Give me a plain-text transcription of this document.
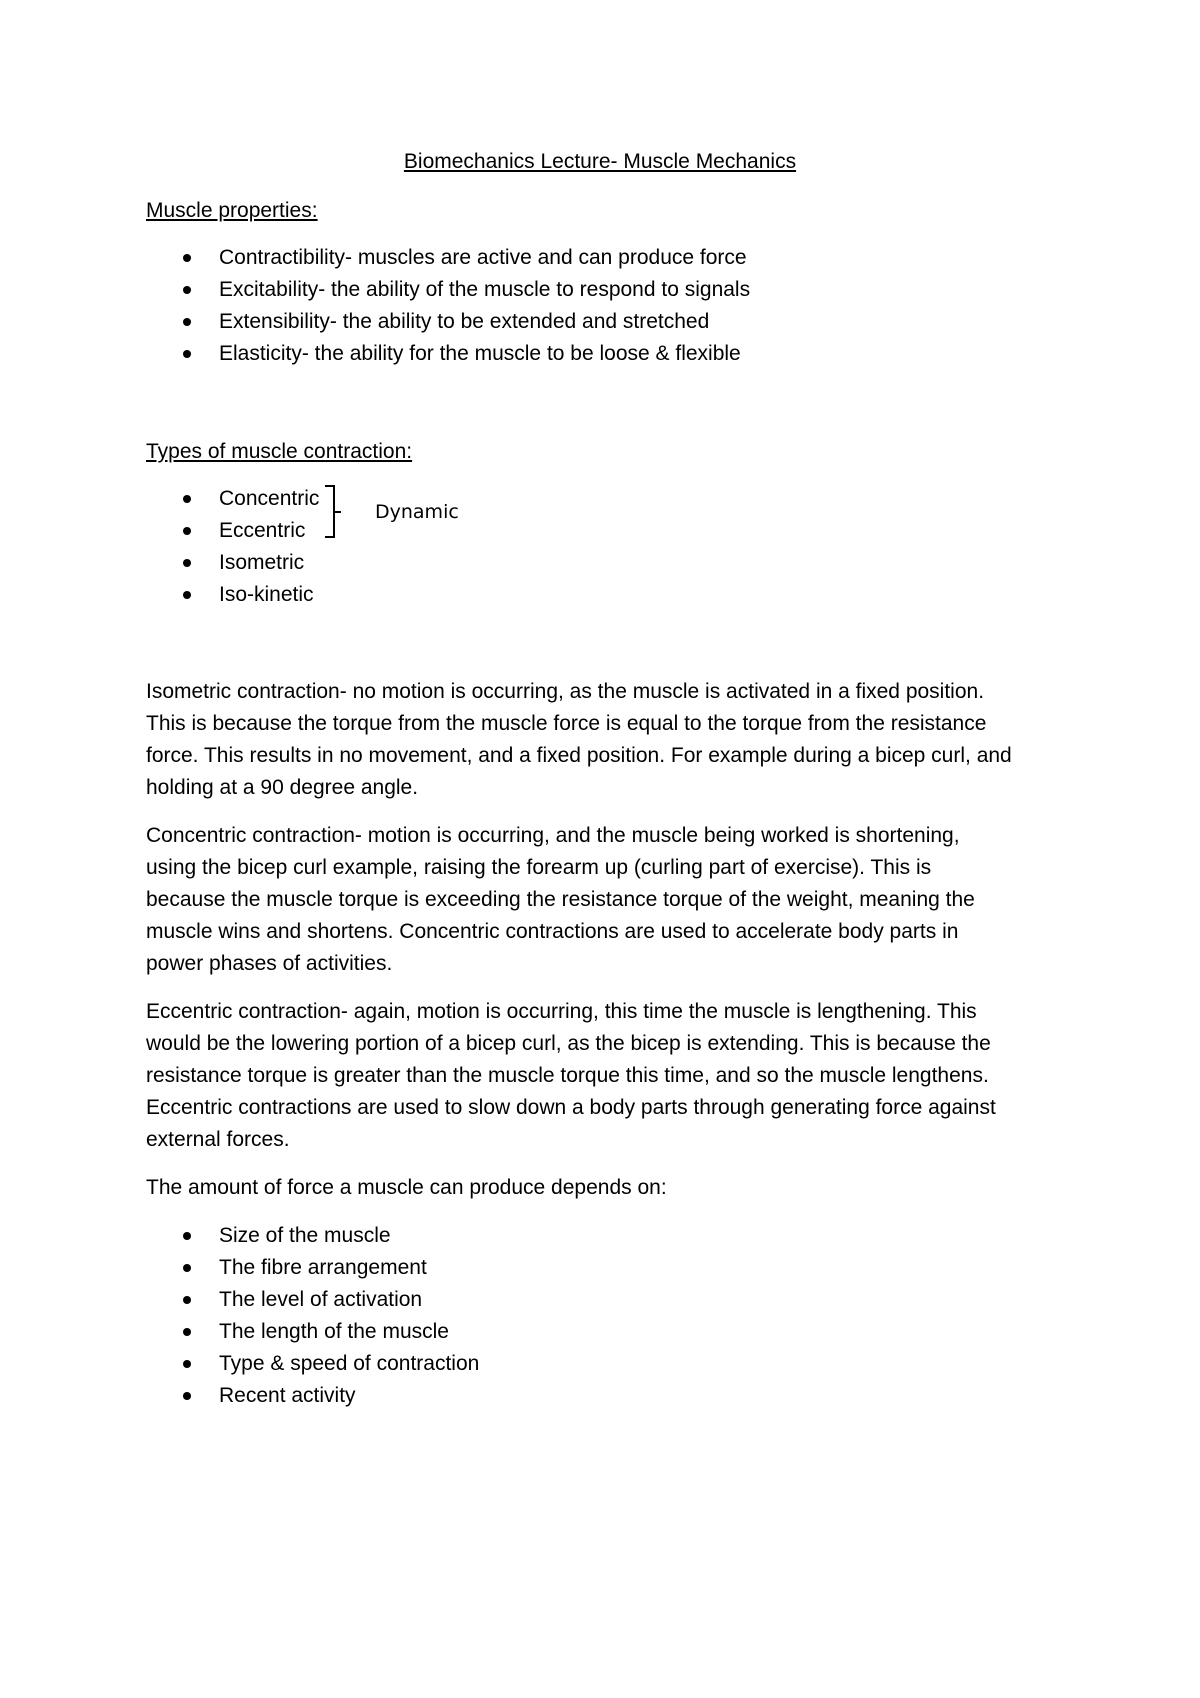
Biomechanics Lecture- Muscle Mechanics

Muscle properties:

Contractibility- muscles are active and can produce force
Excitability- the ability of the muscle to respond to signals
Extensibility- the ability to be extended and stretched
Elasticity- the ability for the muscle to be loose & flexible

Types of muscle contraction:

Concentric
Eccentric
Isometric
Iso-kinetic
Dynamic

Isometric contraction- no motion is occurring, as the muscle is activated in a fixed position.
This is because the torque from the muscle force is equal to the torque from the resistance
force. This results in no movement, and a fixed position. For example during a bicep curl, and
holding at a 90 degree angle.

Concentric contraction- motion is occurring, and the muscle being worked is shortening,
using the bicep curl example, raising the forearm up (curling part of exercise). This is
because the muscle torque is exceeding the resistance torque of the weight, meaning the
muscle wins and shortens. Concentric contractions are used to accelerate body parts in
power phases of activities.

Eccentric contraction- again, motion is occurring, this time the muscle is lengthening. This
would be the lowering portion of a bicep curl, as the bicep is extending. This is because the
resistance torque is greater than the muscle torque this time, and so the muscle lengthens.
Eccentric contractions are used to slow down a body parts through generating force against
external forces.

The amount of force a muscle can produce depends on:

Size of the muscle
The fibre arrangement
The level of activation
The length of the muscle
Type & speed of contraction
Recent activity
